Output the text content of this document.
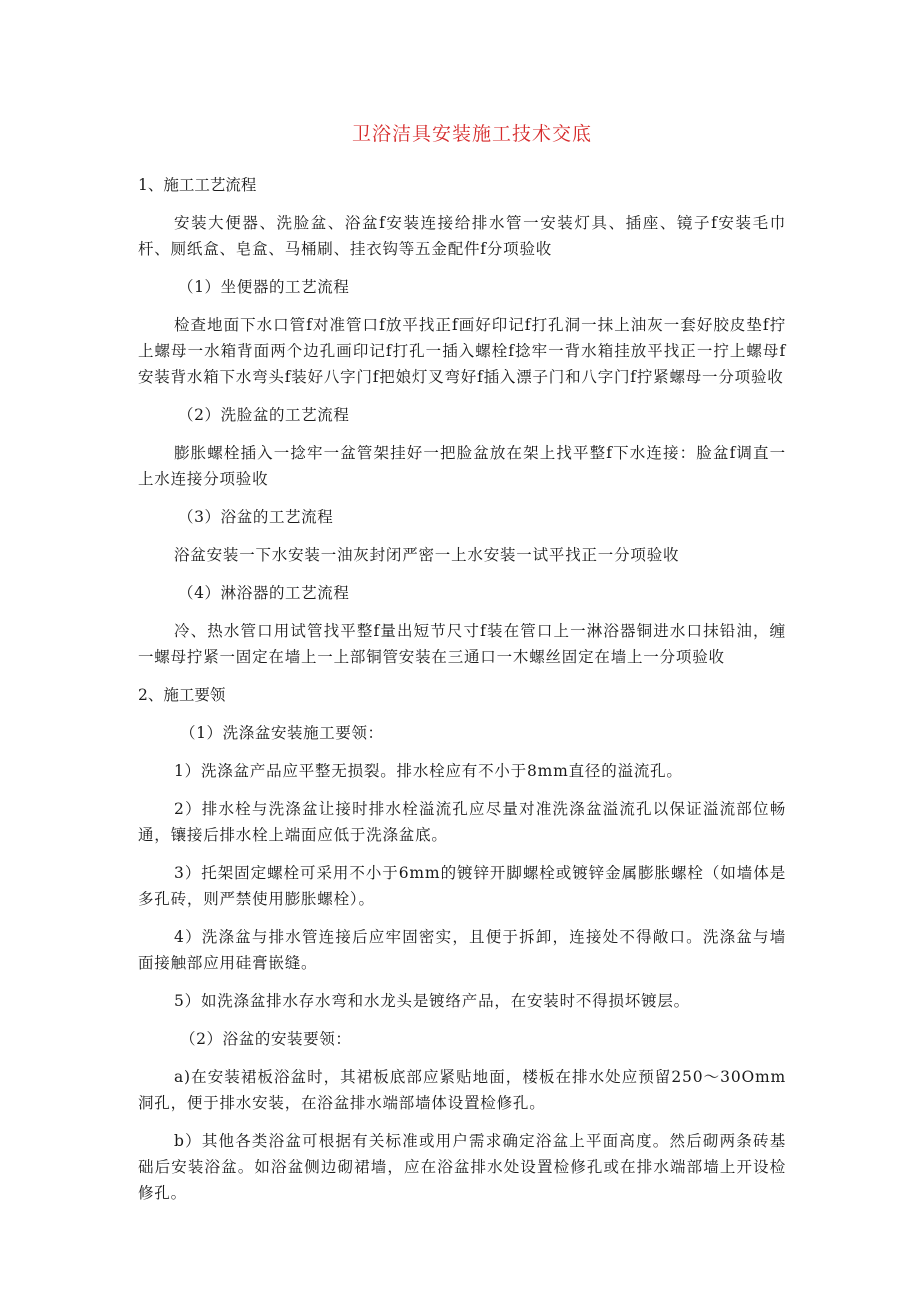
卫浴洁具安装施工技术交底
1、施工工艺流程
安装大便器、洗脸盆、浴盆f安装连接给排水管一安装灯具、插座、镜子f安装毛巾杆、厕纸盒、皂盒、马桶刷、挂衣钩等五金配件f分项验收
（1）坐便器的工艺流程
检查地面下水口管f对准管口f放平找正f画好印记f打孔洞一抹上油灰一套好胶皮垫f拧上螺母一水箱背面两个边孔画印记f打孔一插入螺栓f捻牢一背水箱挂放平找正一拧上螺母f安装背水箱下水弯头f装好八字门f把娘灯叉弯好f插入漂子门和八字门f拧紧螺母一分项验收
（2）洗脸盆的工艺流程
膨胀螺栓插入一捻牢一盆管架挂好一把脸盆放在架上找平整f下水连接：脸盆f调直一上水连接分项验收
（3）浴盆的工艺流程
浴盆安装一下水安装一油灰封闭严密一上水安装一试平找正一分项验收
（4）淋浴器的工艺流程
冷、热水管口用试管找平整f量出短节尺寸f装在管口上一淋浴器铜进水口抹铅油，缠一螺母拧紧一固定在墙上一上部铜管安装在三通口一木螺丝固定在墙上一分项验收
2、施工要领
（1）洗涤盆安装施工要领：
1）洗涤盆产品应平整无损裂。排水栓应有不小于8mm直径的溢流孔。
2）排水栓与洗涤盆让接时排水栓溢流孔应尽量对准洗涤盆溢流孔以保证溢流部位畅通，镶接后排水栓上端面应低于洗涤盆底。
3）托架固定螺栓可采用不小于6mm的镀锌开脚螺栓或镀锌金属膨胀螺栓（如墙体是多孔砖，则严禁使用膨胀螺栓）。
4）洗涤盆与排水管连接后应牢固密实，且便于拆卸，连接处不得敞口。洗涤盆与墙面接触部应用硅膏嵌缝。
5）如洗涤盆排水存水弯和水龙头是镀络产品，在安装时不得损坏镀层。
（2）浴盆的安装要领：
a)在安装裙板浴盆时，其裙板底部应紧贴地面，楼板在排水处应预留250～30Omm洞孔，便于排水安装，在浴盆排水端部墙体设置检修孔。
b）其他各类浴盆可根据有关标准或用户需求确定浴盆上平面高度。然后砌两条砖基础后安装浴盆。如浴盆侧边砌裙墙，应在浴盆排水处设置检修孔或在排水端部墙上开设检修孔。
